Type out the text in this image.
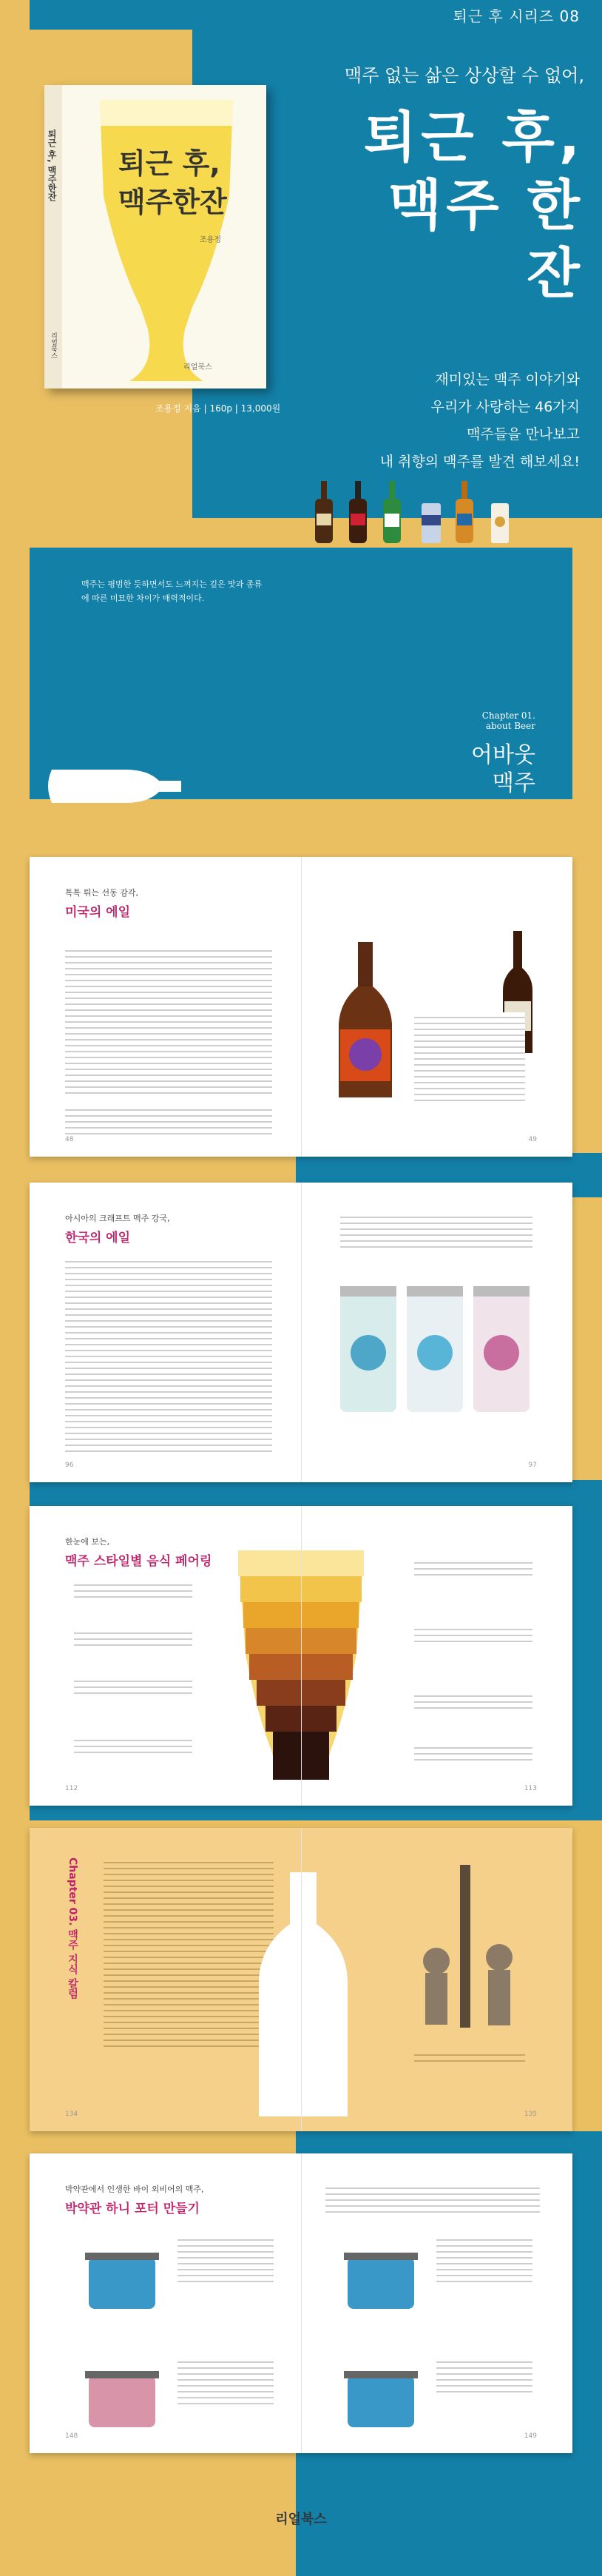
퇴근 후 시리즈 08
맥주 없는 삶은 상상할 수 없어,
퇴근 후,
맥주 한 잔
재미있는 맥주 이야기와
우리가 사랑하는 46가지
맥주들을 만나보고
내 취향의 맥주를 발견 해보세요!
퇴근 후,
맥주한잔
조용정
리얼북스
퇴근 후, 맥주한잔
리얼북스
조용정 지음 | 160p | 13,000원
맥주는 평범한 듯하면서도 느껴지는 깊은 맛과 종류에 따른 미묘한 차이가 매력적이다.
Chapter 01.
about Beer
어바웃
맥주
톡톡 튀는 선동 감각,
미국의 에일
48	49
아시아의 크래프트 맥주 강국,
한국의 에일
96	97
한눈에 보는,
맥주 스타일별 음식 페어링
112	113
Chapter 03. 맥주 지식 칼럼
134	135
박약관에서 인생한 바이 외비어의 맥주,
박약관 하니 포터 만들기
148	149
리얼북스
